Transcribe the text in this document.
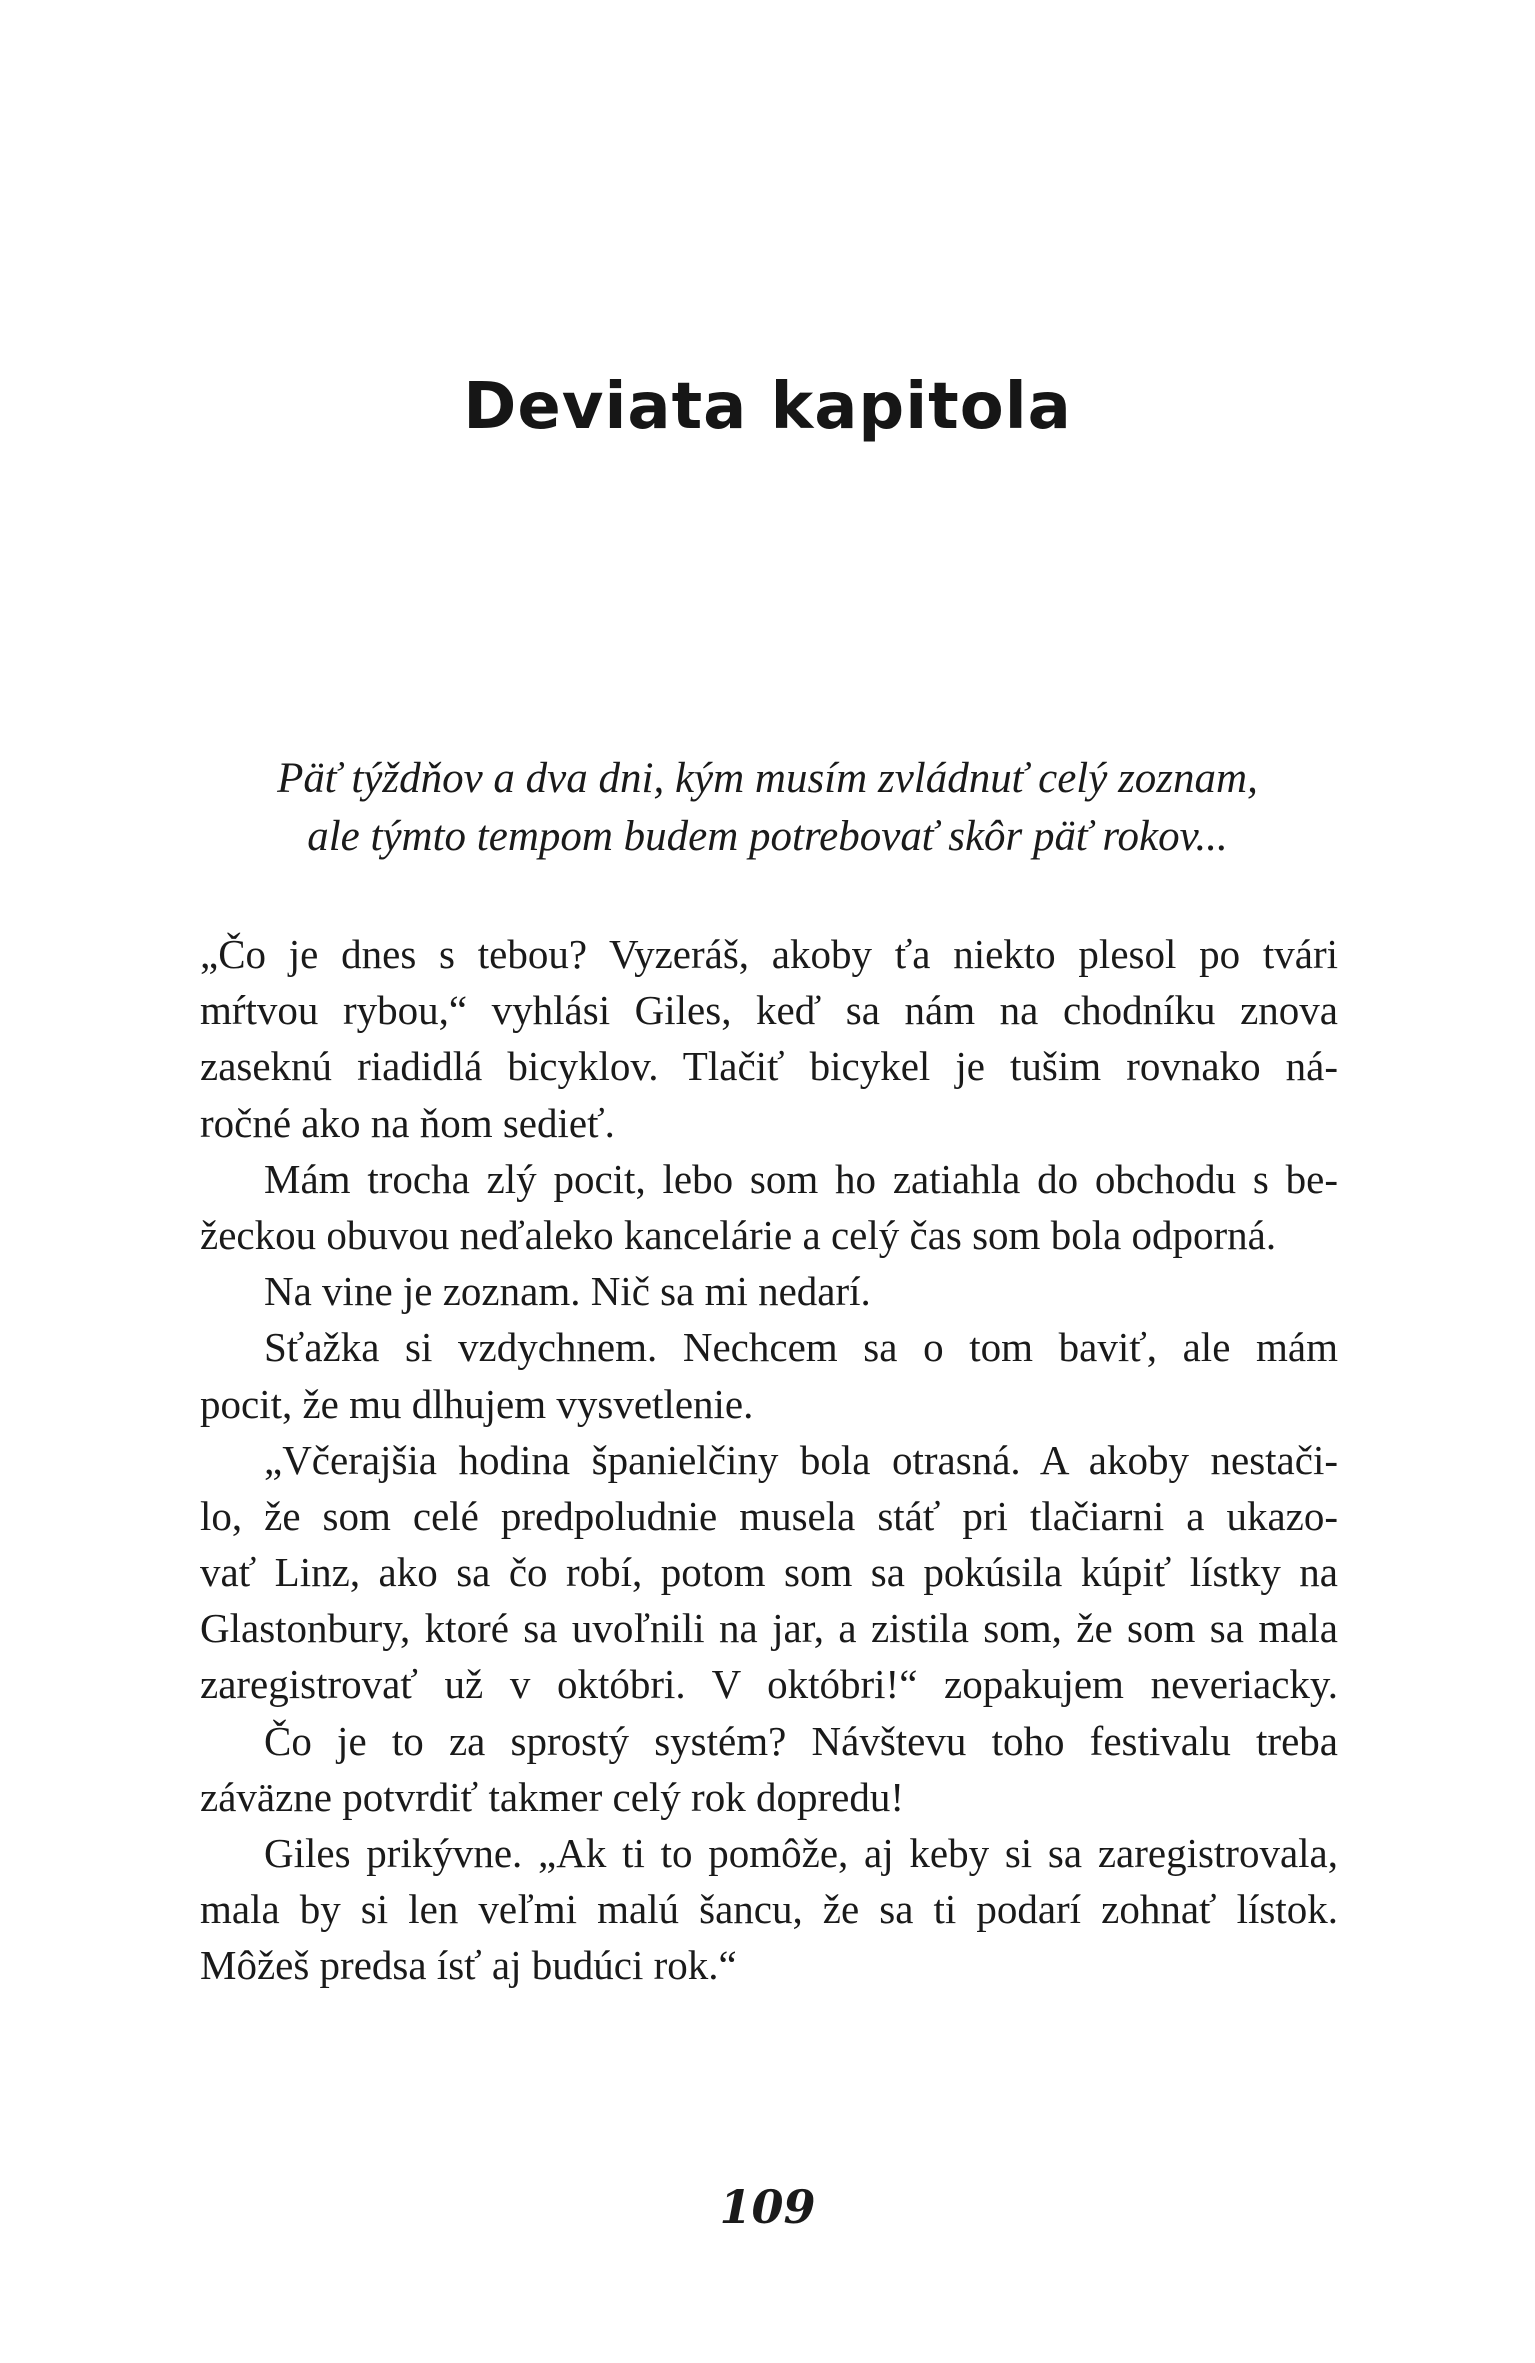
Deviata kapitola
Päť týždňov a dva dni, kým musím zvládnuť celý zoznam,
ale týmto tempom budem potrebovať skôr päť rokov...
„Čo je dnes s tebou? Vyzeráš, akoby ťa niekto plesol po tvári
mŕtvou rybou,“ vyhlási Giles, keď sa nám na chodníku znova
zaseknú riadidlá bicyklov. Tlačiť bicykel je tušim rovnako ná-
ročné ako na ňom sedieť.
Mám trocha zlý pocit, lebo som ho zatiahla do obchodu s be-
žeckou obuvou neďaleko kancelárie a celý čas som bola odporná.
Na vine je zoznam. Nič sa mi nedarí.
Sťažka si vzdychnem. Nechcem sa o tom baviť, ale mám
pocit, že mu dlhujem vysvetlenie.
„Včerajšia hodina španielčiny bola otrasná. A akoby nestači-
lo, že som celé predpoludnie musela stáť pri tlačiarni a ukazo-
vať Linz, ako sa čo robí, potom som sa pokúsila kúpiť lístky na
Glastonbury, ktoré sa uvoľnili na jar, a zistila som, že som sa mala
zaregistrovať už v októbri. V októbri!“ zopakujem neveriacky.
Čo je to za sprostý systém? Návštevu toho festivalu treba
záväzne potvrdiť takmer celý rok dopredu!
Giles prikývne. „Ak ti to pomôže, aj keby si sa zaregistrovala,
mala by si len veľmi malú šancu, že sa ti podarí zohnať lístok.
Môžeš predsa ísť aj budúci rok.“
109
